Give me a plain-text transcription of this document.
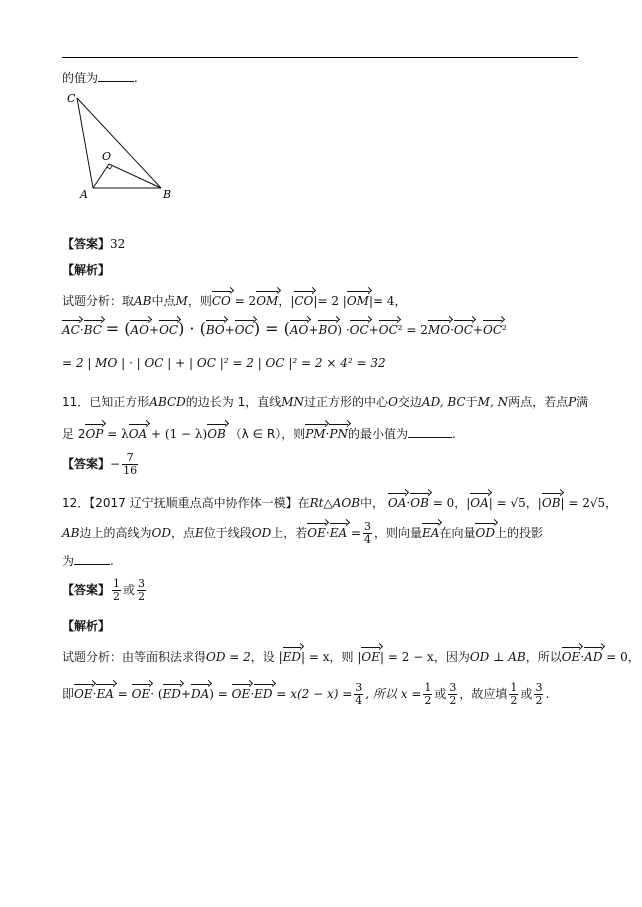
的值为	.
C
O
A	B
【答案】32
【解析】
试题分析：取AB中点M，则CO = 2OM，|CO|= 2 |OM|= 4，
AC·BC = (AO+OC) · (BO+OC) = (AO+BO) ·OC+OC² = 2MO·OC+OC²
= 2 | MO | · | OC | + | OC |² = 2 | OC |² = 2 × 4² = 32
11．已知正方形ABCD的边长为 1，直线MN过正方形的中心O交边AD, BC于M, N两点，若点P满
足 2OP = λOA + (1 − λ)OB （λ ∈ R），则PM·PN的最小值为	.
【答案】− $\frac{7}{16}$
12．【2017 辽宁抚顺重点高中协作体一模】在Rt△AOB中， OA·OB = 0，|OA| = √5，|OB| = 2√5，
AB边上的高线为OD，点E位于线段OD上，若$OE\cdot EA = \frac{3}{4}$ ，则向量EA在向量OD上的投影
为	.
【答案】 $\frac{1}{2}$ 或 $\frac{3}{2}$
【解析】
试题分析：由等面积法求得OD = 2，设 |ED| = x，则 |OE| = 2 − x，因为OD ⊥ AB，所以OE·AD = 0，
即$OE\cdot EA = OE\cdot (ED+DA) = OE\cdot ED = x(2 - x) = \frac{3}{4}$ , 所以 $x = \frac{1}{2}$ 或 $\frac{3}{2}$ ，故应填 $\frac{1}{2}$ 或 $\frac{3}{2}$ .
